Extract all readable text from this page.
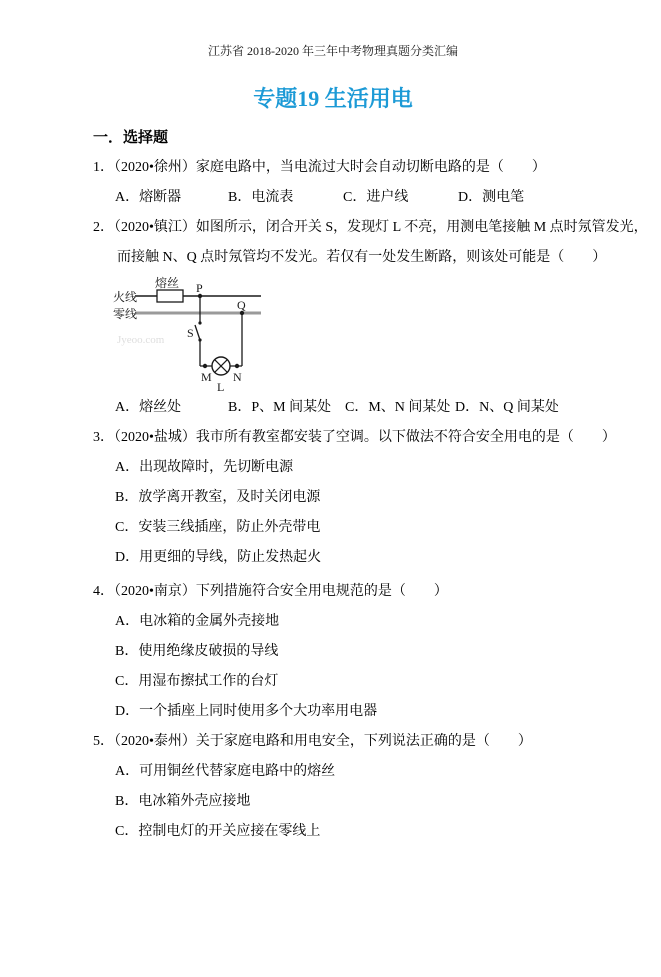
江苏省 2018-2020 年三年中考物理真题分类汇编
专题19 生活用电
一．选择题

1．（2020•徐州）家庭电路中，当电流过大时会自动切断电路的是（　　）

A．熔断器	B．电流表	C．进户线	D．测电笔

2．（2020•镇江）如图所示，闭合开关 S，发现灯 L 不亮，用测电笔接触 M 点时氖管发光，

而接触 N、Q 点时氖管均不发光。若仅有一处发生断路，则该处可能是（　　）

Jyeoo.com
熔丝
火线
零线
P
Q
S
M N
L

A．熔丝处	B．P、M 间某处 C．M、N 间某处 D．N、Q 间某处

3．（2020•盐城）我市所有教室都安装了空调。以下做法不符合安全用电的是（　　）

A．出现故障时，先切断电源

B．放学离开教室，及时关闭电源

C．安装三线插座，防止外壳带电

D．用更细的导线，防止发热起火

4．（2020•南京）下列措施符合安全用电规范的是（　　）

A．电冰箱的金属外壳接地

B．使用绝缘皮破损的导线

C．用湿布擦拭工作的台灯

D．一个插座上同时使用多个大功率用电器

5．（2020•泰州）关于家庭电路和用电安全，下列说法正确的是（　　）

A．可用铜丝代替家庭电路中的熔丝

B．电冰箱外壳应接地

C．控制电灯的开关应接在零线上
